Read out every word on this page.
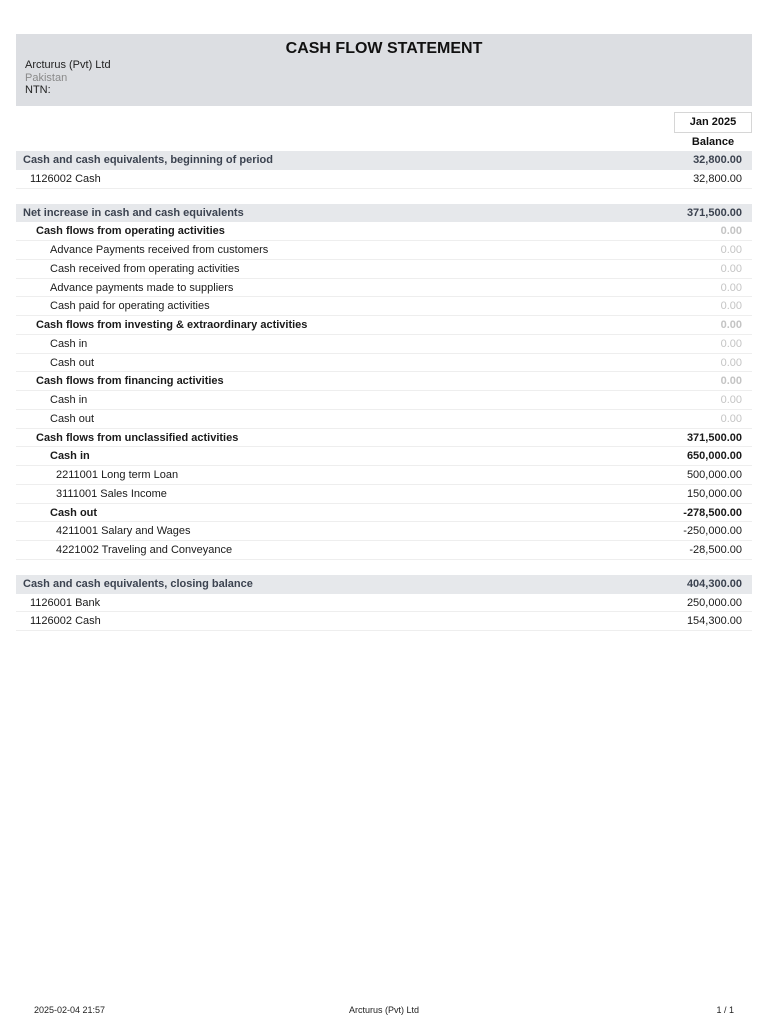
CASH FLOW STATEMENT
Arcturus (Pvt) Ltd
Pakistan
NTN:
Jan 2025
Balance
Cash and cash equivalents, beginning of period	32,800.00
1126002 Cash	32,800.00
Net increase in cash and cash equivalents	371,500.00
Cash flows from operating activities	0.00
Advance Payments received from customers	0.00
Cash received from operating activities	0.00
Advance payments made to suppliers	0.00
Cash paid for operating activities	0.00
Cash flows from investing & extraordinary activities	0.00
Cash in	0.00
Cash out	0.00
Cash flows from financing activities	0.00
Cash in	0.00
Cash out	0.00
Cash flows from unclassified activities	371,500.00
Cash in	650,000.00
2211001 Long term Loan	500,000.00
3111001 Sales Income	150,000.00
Cash out	-278,500.00
4211001 Salary and Wages	-250,000.00
4221002 Traveling and Conveyance	-28,500.00
Cash and cash equivalents, closing balance	404,300.00
1126001 Bank	250,000.00
1126002 Cash	154,300.00
2025-02-04 21:57	Arcturus (Pvt) Ltd	1 / 1
